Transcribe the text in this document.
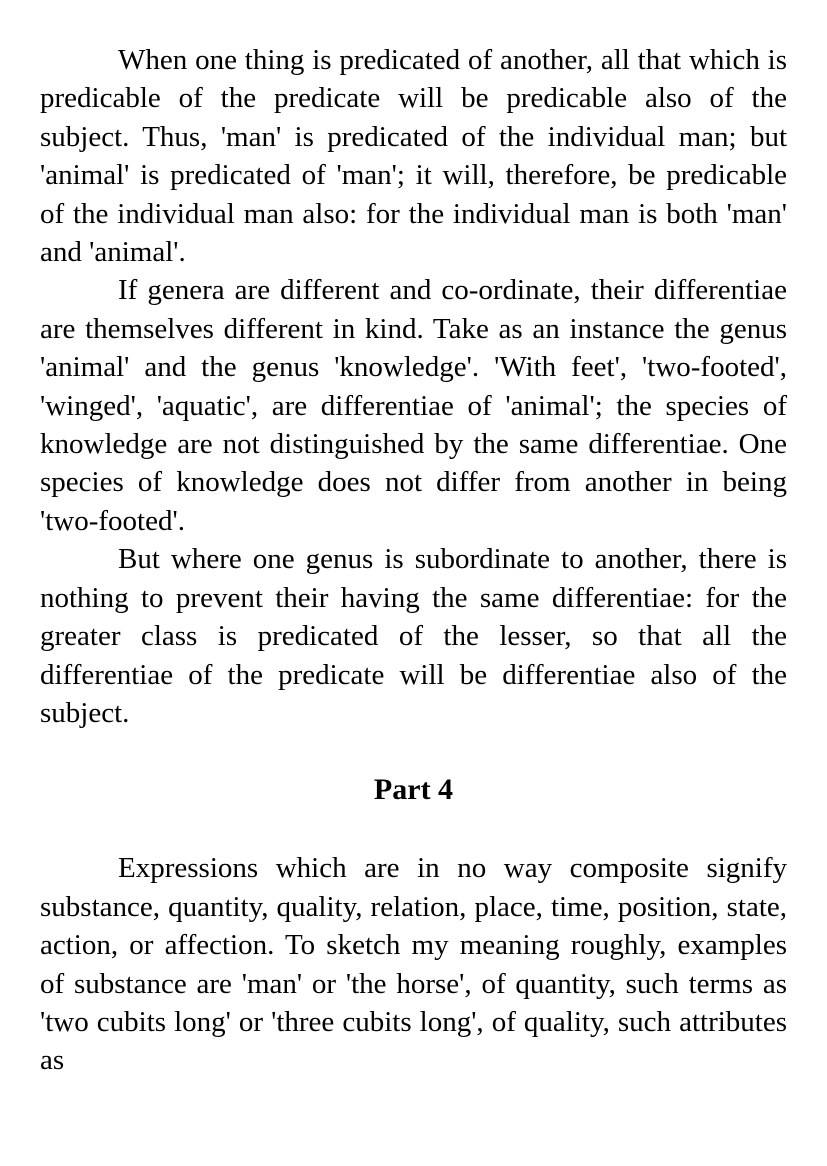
When one thing is predicated of another, all that which is predicable of the predicate will be predicable also of the subject. Thus, 'man' is predicated of the individual man; but 'animal' is predicated of 'man'; it will, therefore, be predicable of the individual man also: for the individual man is both 'man' and 'animal'.

If genera are different and co-ordinate, their differentiae are themselves different in kind. Take as an instance the genus 'animal' and the genus 'knowledge'. 'With feet', 'two-footed', 'winged', 'aquatic', are differentiae of 'animal'; the species of knowledge are not distinguished by the same differentiae. One species of knowledge does not differ from another in being 'two-footed'.

But where one genus is subordinate to another, there is nothing to prevent their having the same differentiae: for the greater class is predicated of the lesser, so that all the differentiae of the predicate will be differentiae also of the subject.

Part 4

Expressions which are in no way composite signify substance, quantity, quality, relation, place, time, position, state, action, or affection. To sketch my meaning roughly, examples of substance are 'man' or 'the horse', of quantity, such terms as 'two cubits long' or 'three cubits long', of quality, such attributes as
